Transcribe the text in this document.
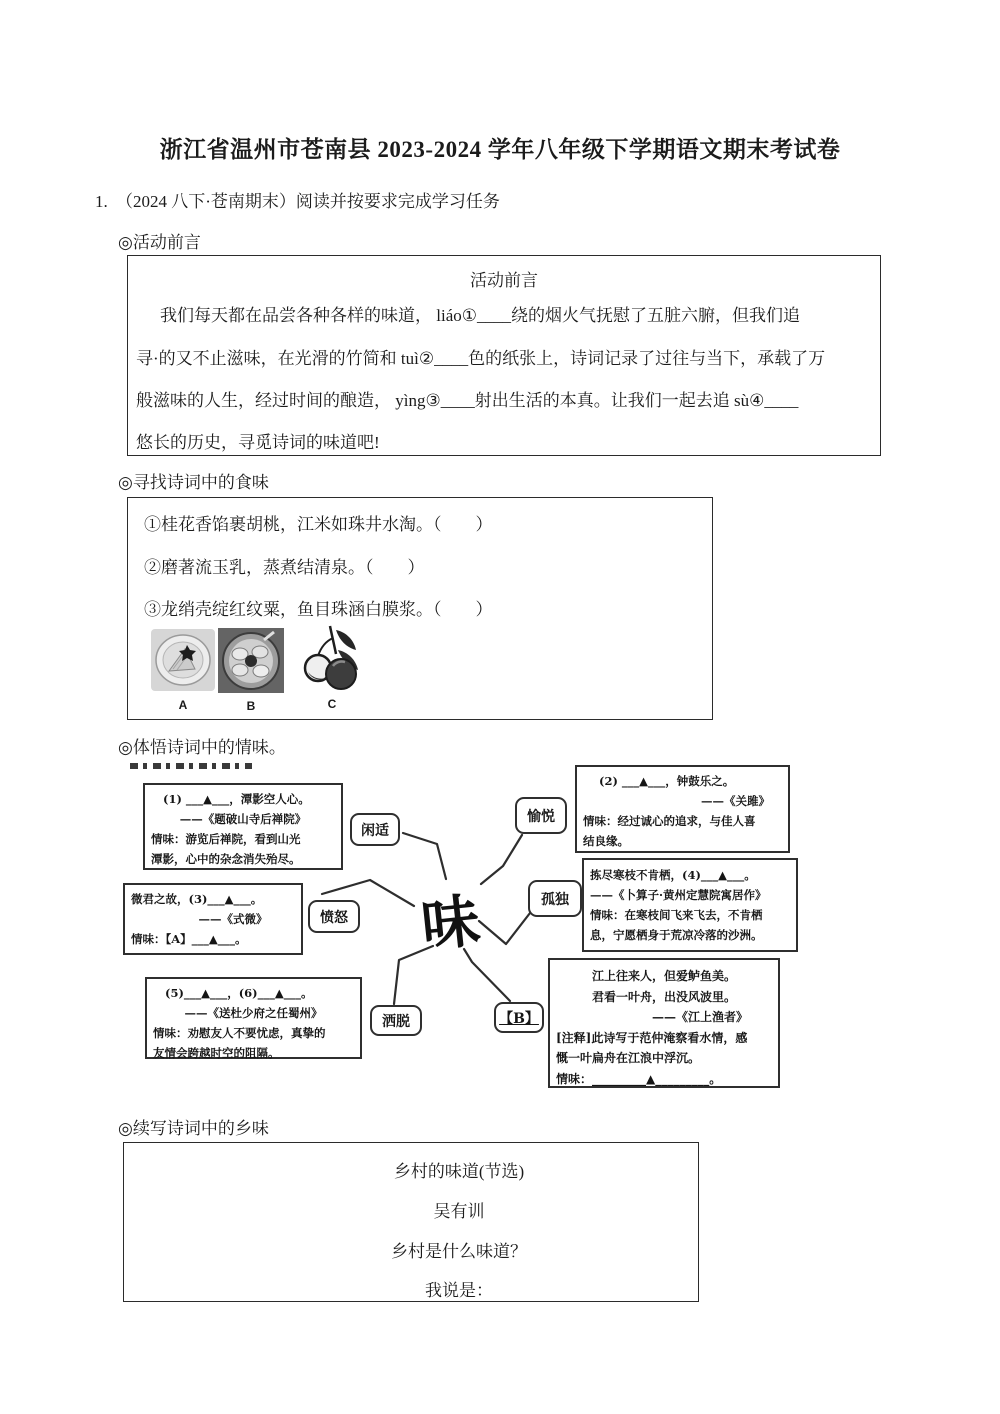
浙江省温州市苍南县 2023-2024 学年八年级下学期语文期末考试卷
1. （2024 八下·苍南期末）阅读并按要求完成学习任务
◎活动前言
活动前言
我们每天都在品尝各种各样的味道， liáo①____绕的烟火气抚慰了五脏六腑，但我们追
寻·的又不止滋味，在光滑的竹简和 tuì②____色的纸张上，诗词记录了过往与当下，承载了万
般滋味的人生，经过时间的酿造， yìng③____射出生活的本真。让我们一起去追 sù④____
悠长的历史，寻觅诗词的味道吧!
◎寻找诗词中的食味
①桂花香馅裹胡桃，江米如珠井水淘。（　　）
②磨著流玉乳，蒸煮结清泉。（　　）
③龙绡壳绽红纹粟，鱼目珠涵白膜浆。（　　）
A	B	C
◎体悟诗词中的情味。
味
闲适
愉悦
愤怒
孤独
洒脱	【B】
(1) ___▲___，潭影空人心。
——《题破山寺后禅院》
情味：游览后禅院，看到山光
潭影，心中的杂念消失殆尽。
(2) ___▲___，钟鼓乐之。
——《关雎》
情味：经过诚心的追求，与佳人喜
结良缘。
微君之故，(3)___▲___。
——《式微》
情味：【A】___▲___。
拣尽寒枝不肯栖，(4)___▲___。
——《卜算子·黄州定慧院寓居作》
情味：在寒枝间飞来飞去，不肯栖
息，宁愿栖身于荒凉冷落的沙洲。
(5)___▲___，(6)___▲___。
——《送杜少府之任蜀州》
情味：劝慰友人不要忧虑，真挚的
友情会跨越时空的阻隔。
江上往来人，但爱鲈鱼美。
君看一叶舟，出没风波里。
——《江上渔者》
[注释]此诗写于范仲淹察看水情，感
慨一叶扁舟在江浪中浮沉。
情味：_________▲_________。
◎续写诗词中的乡味
乡村的味道(节选)
吴有训
乡村是什么味道？
我说是：
